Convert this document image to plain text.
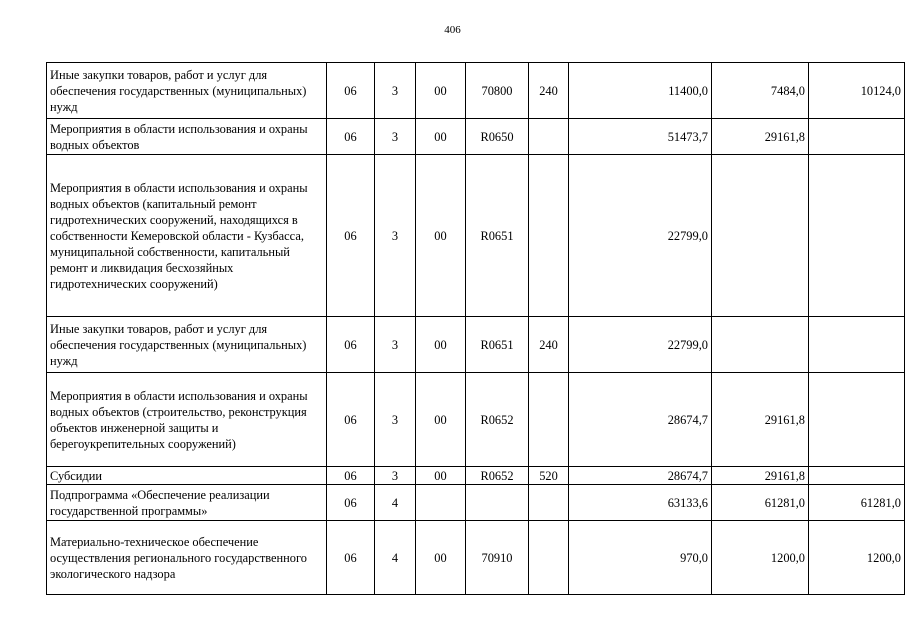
406
Иные закупки товаров, работ и услуг для обеспечения государственных (муниципальных) нужд	06	3	00	70800	240	11400,0	7484,0	10124,0
Мероприятия в области использования и охраны водных объектов	06	3	00	R0650		51473,7	29161,8	
Мероприятия в области использования и охраны водных объектов (капитальный ремонт гидротехнических сооружений, находящихся в собственности Кемеровской области - Кузбасса, муниципальной собственности, капитальный ремонт и ликвидация бесхозяйных гидротехнических сооружений)	06	3	00	R0651		22799,0		
Иные закупки товаров, работ и услуг для обеспечения государственных (муниципальных) нужд	06	3	00	R0651	240	22799,0		
Мероприятия в области использования и охраны водных объектов (строительство, реконструкция объектов инженерной защиты и берегоукрепительных сооружений)	06	3	00	R0652		28674,7	29161,8	
Субсидии	06	3	00	R0652	520	28674,7	29161,8	
Подпрограмма «Обеспечение реализации государственной программы»	06	4				63133,6	61281,0	61281,0
Материально-техническое обеспечение осуществления регионального государственного экологического надзора	06	4	00	70910		970,0	1200,0	1200,0
